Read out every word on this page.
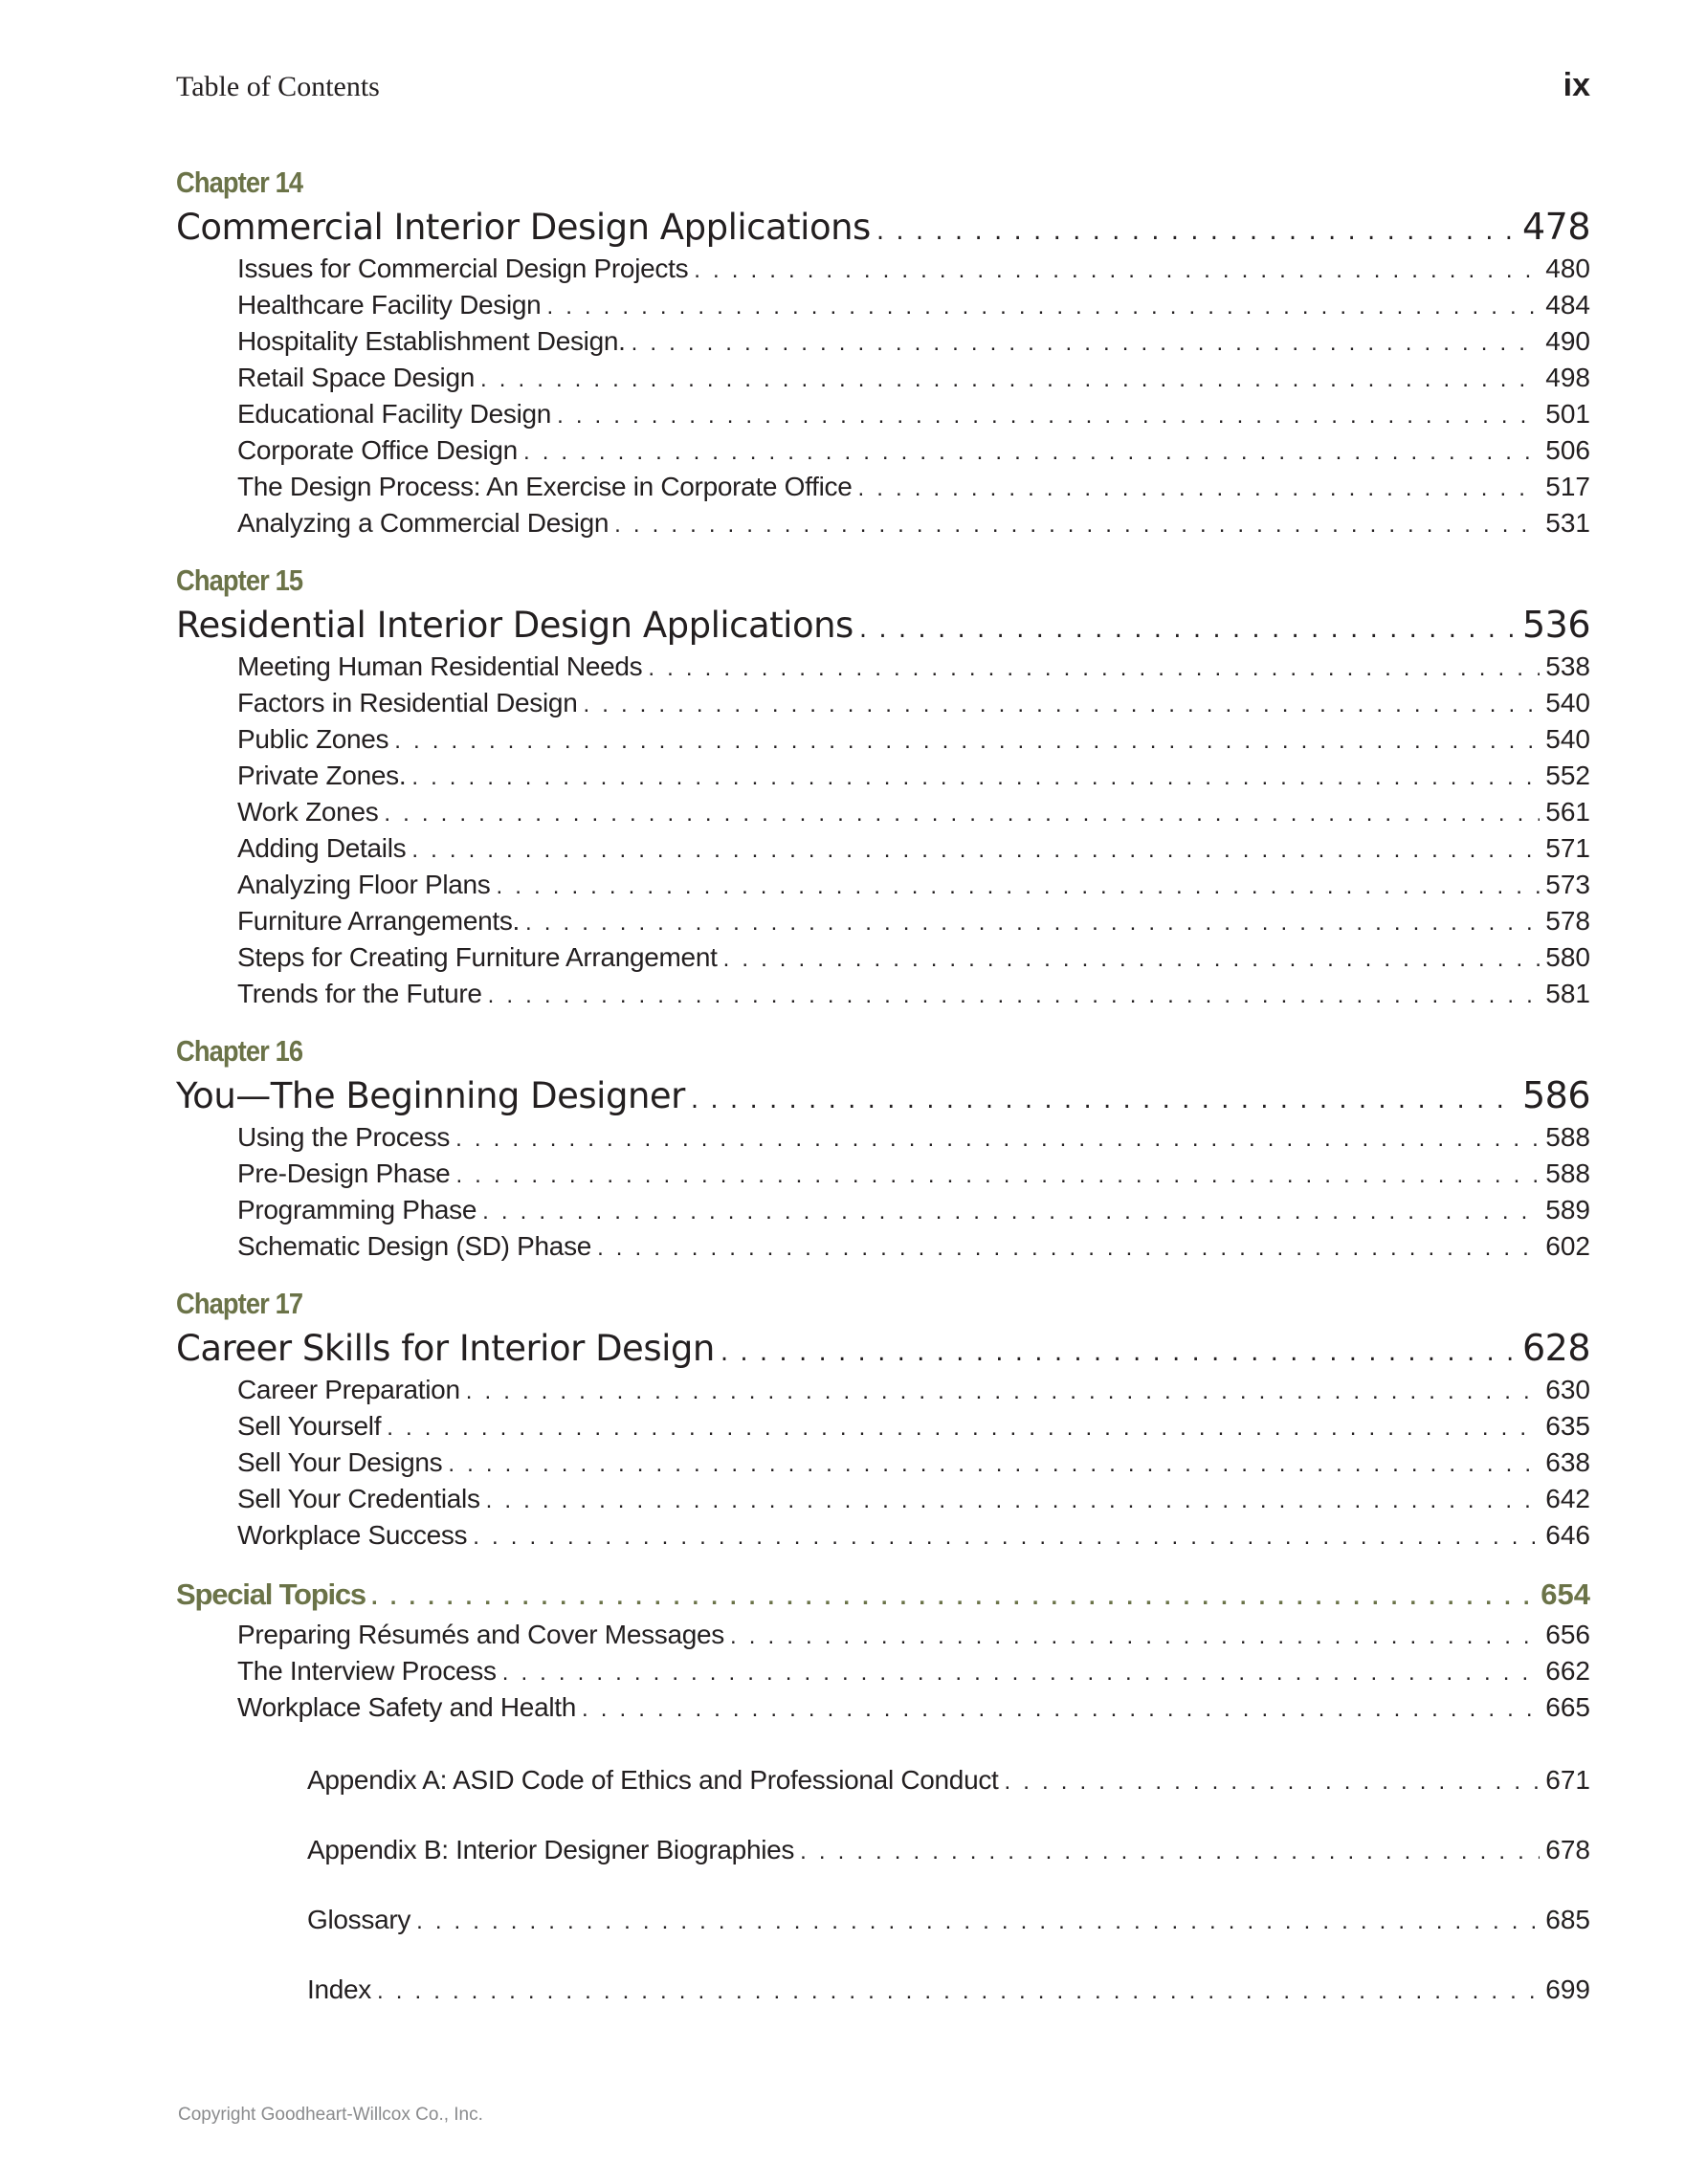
Table of Contents	ix
Chapter 14
Commercial Interior Design Applications . . .	478
Issues for Commercial Design Projects . . .	480
Healthcare Facility Design . . .	484
Hospitality Establishment Design. . . .	490
Retail Space Design . . .	498
Educational Facility Design . . .	501
Corporate Office Design . . .	506
The Design Process: An Exercise in Corporate Office . . .	517
Analyzing a Commercial Design . . .	531
Chapter 15
Residential Interior Design Applications . . .	536
Meeting Human Residential Needs . . .	538
Factors in Residential Design . . .	540
Public Zones . . .	540
Private Zones. . . .	552
Work Zones . . .	561
Adding Details . . .	571
Analyzing Floor Plans . . .	573
Furniture Arrangements. . . .	578
Steps for Creating Furniture Arrangement . . .	580
Trends for the Future . . .	581
Chapter 16
You—The Beginning Designer . . .	586
Using the Process . . .	588
Pre-Design Phase . . .	588
Programming Phase . . .	589
Schematic Design (SD) Phase . . .	602
Chapter 17
Career Skills for Interior Design . . .	628
Career Preparation . . .	630
Sell Yourself . . .	635
Sell Your Designs . . .	638
Sell Your Credentials . . .	642
Workplace Success . . .	646
Special Topics . . .	654
Preparing Résumés and Cover Messages . . .	656
The Interview Process . . .	662
Workplace Safety and Health . . .	665
Appendix A: ASID Code of Ethics and Professional Conduct . . .	671
Appendix B: Interior Designer Biographies . . .	678
Glossary . . .	685
Index . . .	699
Copyright Goodheart-Willcox Co., Inc.
